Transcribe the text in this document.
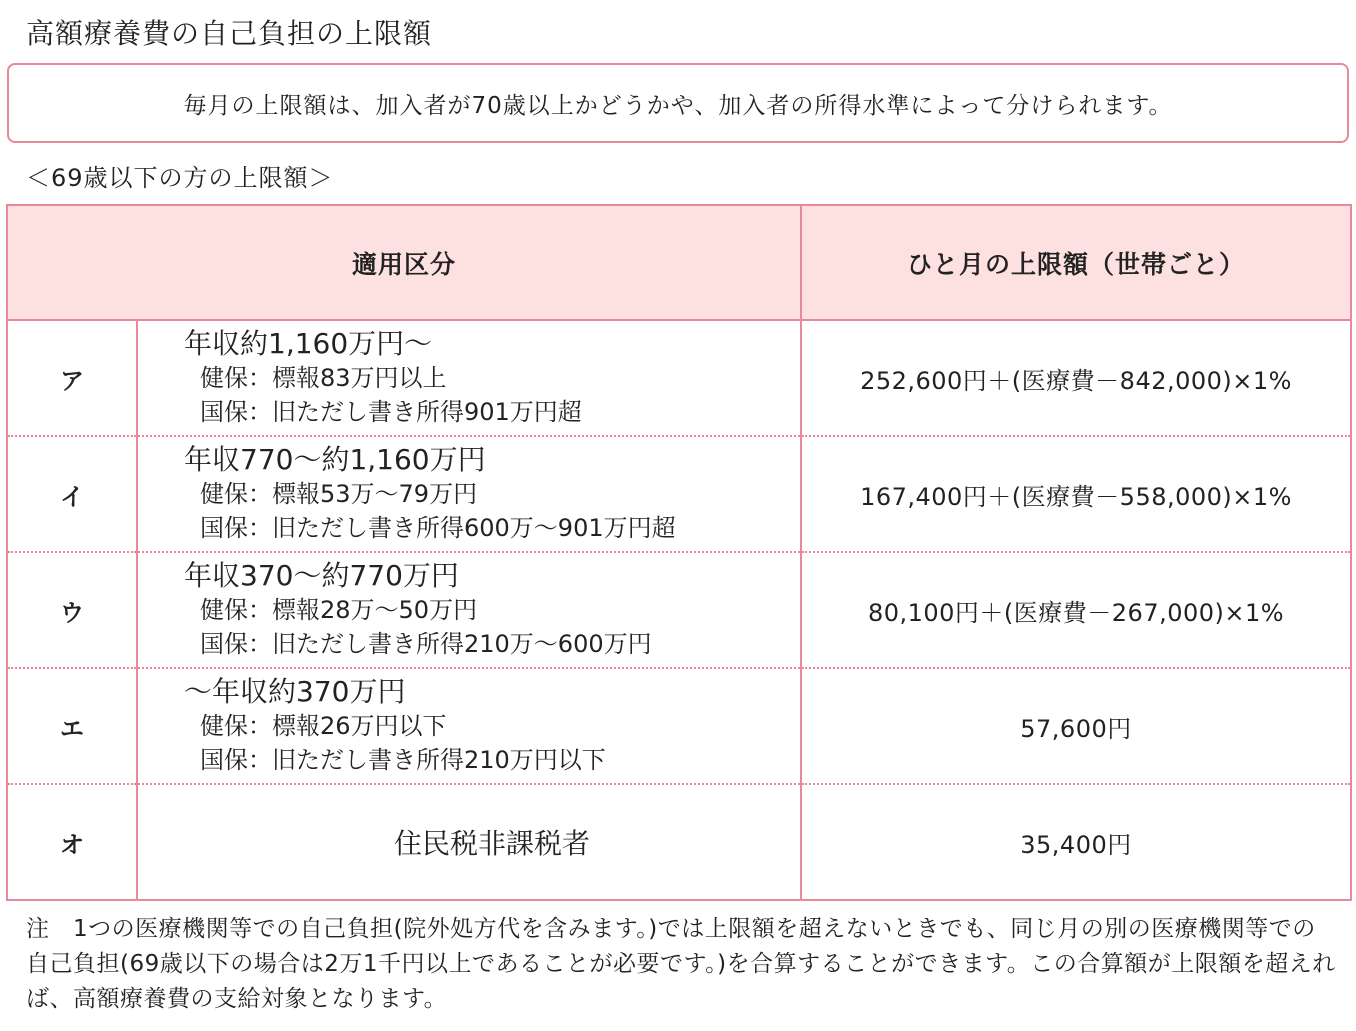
高額療養費の自己負担の上限額
毎月の上限額は、加入者が70歳以上かどうかや、加入者の所得水準によって分けられます。
＜69歳以下の方の上限額＞
適用区分		ひと月の上限額（世帯ごと）
ア	年収約1,160万円～
健保：標報83万円以上
国保：旧ただし書き所得901万円超	252,600円＋(医療費－842,000)×1%
イ	年収770～約1,160万円
健保：標報53万～79万円
国保：旧ただし書き所得600万～901万円超	167,400円＋(医療費－558,000)×1%
ウ	年収370～約770万円
健保：標報28万～50万円
国保：旧ただし書き所得210万～600万円	80,100円＋(医療費－267,000)×1%
エ	～年収約370万円
健保：標報26万円以下
国保：旧ただし書き所得210万円以下	57,600円
オ	住民税非課税者	35,400円
注　1つの医療機関等での自己負担(院外処方代を含みます。)では上限額を超えないときでも、同じ月の別の医療機関等での自己負担(69歳以下の場合は2万1千円以上であることが必要です。)を合算することができます。この合算額が上限額を超えれば、高額療養費の支給対象となります。
